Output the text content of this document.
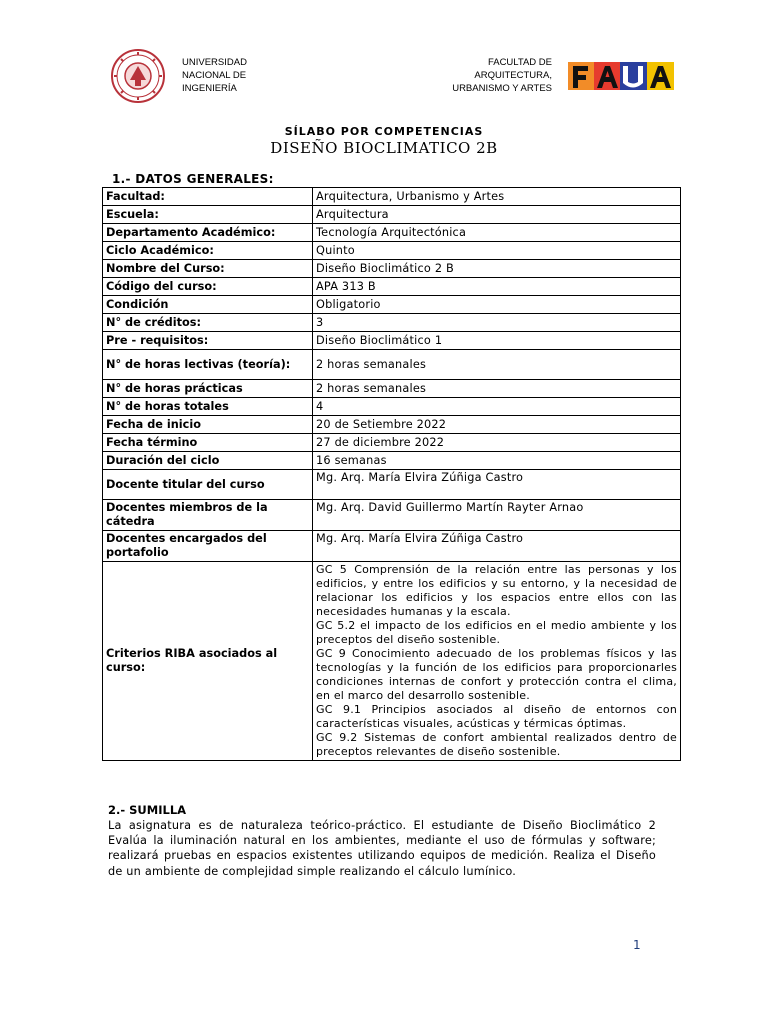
UNIVERSIDAD
NACIONAL DE
INGENIERÍA
FACULTAD DE
ARQUITECTURA,
URBANISMO Y ARTES
SÍLABO POR COMPETENCIAS
DISEÑO BIOCLIMATICO 2B
1.- DATOS GENERALES:
Facultad:	Arquitectura, Urbanismo y Artes
Escuela:	Arquitectura
Departamento Académico:	Tecnología Arquitectónica
Ciclo Académico:	Quinto
Nombre del Curso:	Diseño Bioclimático 2 B
Código del curso:	APA 313 B
Condición	Obligatorio
N° de créditos:	3
Pre - requisitos:	Diseño Bioclimático 1
N° de horas lectivas (teoría):	2 horas semanales
N° de horas prácticas	2 horas semanales
N° de horas totales	4
Fecha de inicio	20 de Setiembre 2022
Fecha término	27 de diciembre 2022
Duración del ciclo	16 semanas
Docente titular del curso	Mg. Arq. María Elvira Zúñiga Castro
Docentes miembros de la cátedra	Mg. Arq. David Guillermo Martín Rayter Arnao
Docentes encargados del portafolio	Mg. Arq. María Elvira Zúñiga Castro
Criterios RIBA asociados al curso:	GC 5 Comprensión de la relación entre las personas y los edificios, y entre los edificios y su entorno, y la necesidad de relacionar los edificios y los espacios entre ellos con las necesidades humanas y la escala.
GC 5.2 el impacto de los edificios en el medio ambiente y los preceptos del diseño sostenible.
GC 9 Conocimiento adecuado de los problemas físicos y las tecnologías y la función de los edificios para proporcionarles condiciones internas de confort y protección contra el clima, en el marco del desarrollo sostenible.
GC 9.1 Principios asociados al diseño de entornos con características visuales, acústicas y térmicas óptimas.
GC 9.2 Sistemas de confort ambiental realizados dentro de preceptos relevantes de diseño sostenible.
2.- SUMILLA
La asignatura es de naturaleza teórico-práctico. El estudiante de Diseño Bioclimático 2 Evalúa la iluminación natural en los ambientes, mediante el uso de fórmulas y software; realizará pruebas en espacios existentes utilizando equipos de medición. Realiza el Diseño de un ambiente de complejidad simple realizando el cálculo lumínico.
1
